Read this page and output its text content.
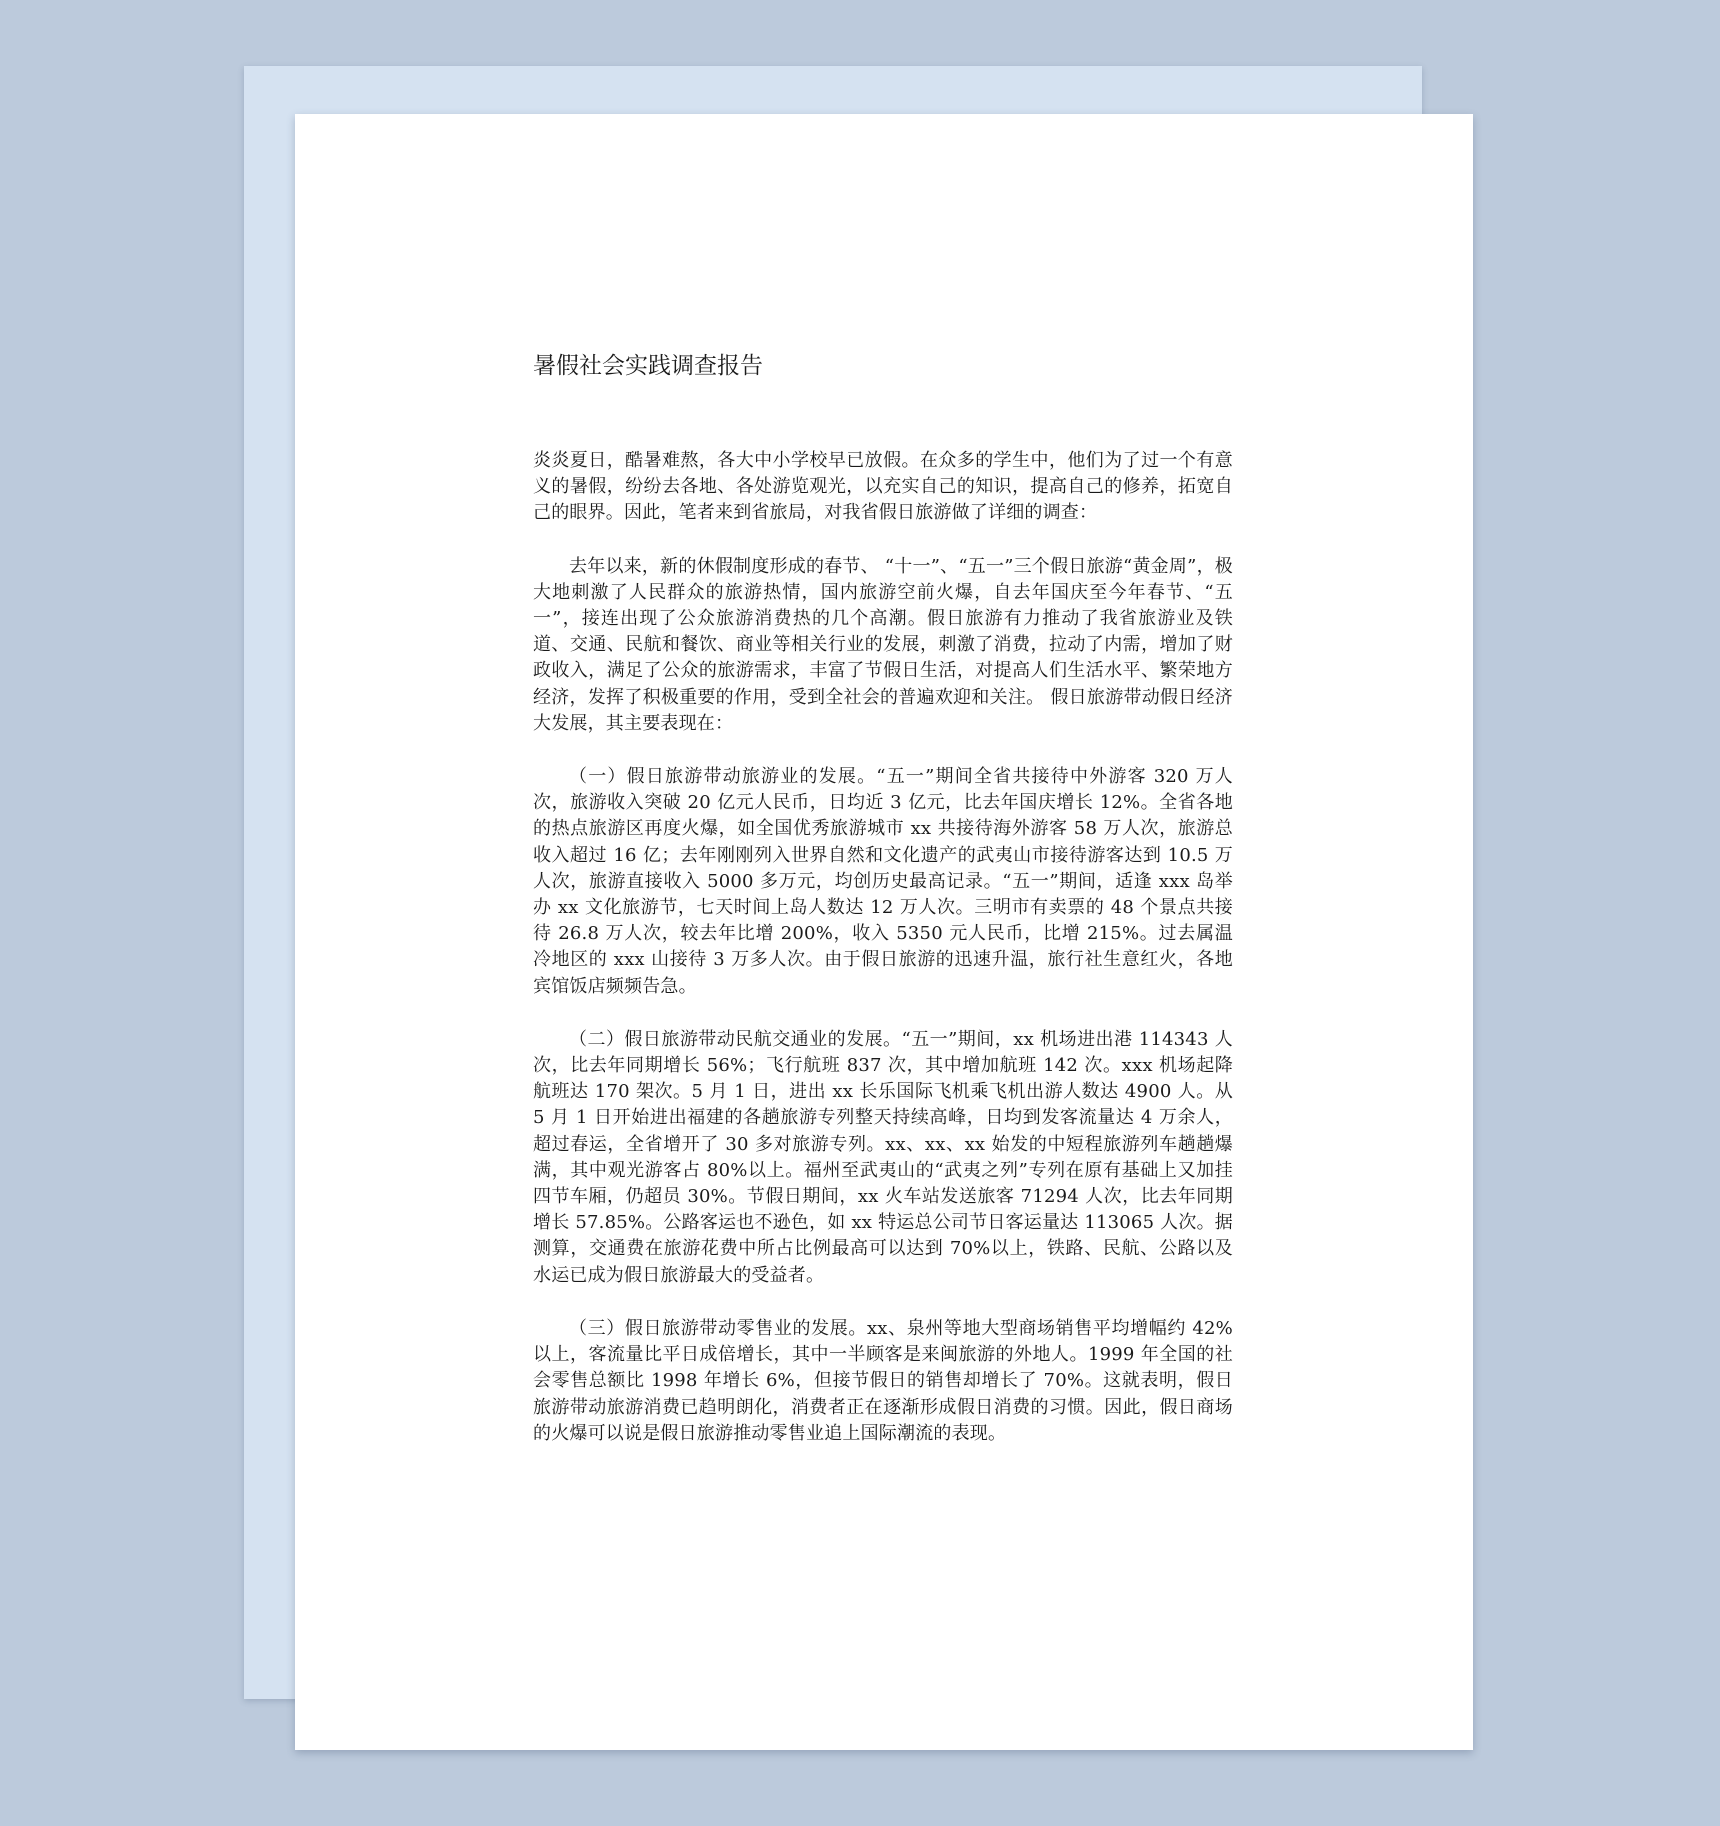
暑假社会实践调查报告

炎炎夏日，酷暑难熬，各大中小学校早已放假。在众多的学生中，他们为了过一个有意义的暑假，纷纷去各地、各处游览观光，以充实自己的知识，提高自己的修养，拓宽自己的眼界。因此，笔者来到省旅局，对我省假日旅游做了详细的调查：

去年以来，新的休假制度形成的春节、 “十一”、“五一”三个假日旅游“黄金周”，极大地刺激了人民群众的旅游热情，国内旅游空前火爆，自去年国庆至今年春节、“五一”，接连出现了公众旅游消费热的几个高潮。假日旅游有力推动了我省旅游业及铁道、交通、民航和餐饮、商业等相关行业的发展，刺激了消费，拉动了内需，增加了财政收入，满足了公众的旅游需求，丰富了节假日生活，对提高人们生活水平、繁荣地方经济，发挥了积极重要的作用，受到全社会的普遍欢迎和关注。 假日旅游带动假日经济大发展，其主要表现在：

（一）假日旅游带动旅游业的发展。“五一”期间全省共接待中外游客 320 万人次，旅游收入突破 20 亿元人民币，日均近 3 亿元，比去年国庆增长 12%。全省各地的热点旅游区再度火爆，如全国优秀旅游城市 xx 共接待海外游客 58 万人次，旅游总收入超过 16 亿；去年刚刚列入世界自然和文化遗产的武夷山市接待游客达到 10.5 万人次，旅游直接收入 5000 多万元，均创历史最高记录。“五一”期间，适逢 xxx 岛举办 xx 文化旅游节，七天时间上岛人数达 12 万人次。三明市有卖票的 48 个景点共接待 26.8 万人次，较去年比增 200%，收入 5350 元人民币，比增 215%。过去属温冷地区的 xxx 山接待 3 万多人次。由于假日旅游的迅速升温，旅行社生意红火，各地宾馆饭店频频告急。

（二）假日旅游带动民航交通业的发展。“五一”期间，xx 机场进出港 114343 人次，比去年同期增长 56%；飞行航班 837 次，其中增加航班 142 次。xxx 机场起降航班达 170 架次。5 月 1 日，进出 xx 长乐国际飞机乘飞机出游人数达 4900 人。从 5 月 1 日开始进出福建的各趟旅游专列整天持续高峰，日均到发客流量达 4 万余人，超过春运，全省增开了 30 多对旅游专列。xx、xx、xx 始发的中短程旅游列车趟趟爆满，其中观光游客占 80%以上。福州至武夷山的“武夷之列”专列在原有基础上又加挂四节车厢，仍超员 30%。节假日期间，xx 火车站发送旅客 71294 人次，比去年同期增长 57.85%。公路客运也不逊色，如 xx 特运总公司节日客运量达 113065 人次。据测算，交通费在旅游花费中所占比例最高可以达到 70%以上，铁路、民航、公路以及水运已成为假日旅游最大的受益者。

（三）假日旅游带动零售业的发展。xx、泉州等地大型商场销售平均增幅约 42%以上，客流量比平日成倍增长，其中一半顾客是来闽旅游的外地人。1999 年全国的社会零售总额比 1998 年增长 6%，但接节假日的销售却增长了 70%。这就表明，假日旅游带动旅游消费已趋明朗化，消费者正在逐渐形成假日消费的习惯。因此，假日商场的火爆可以说是假日旅游推动零售业追上国际潮流的表现。
